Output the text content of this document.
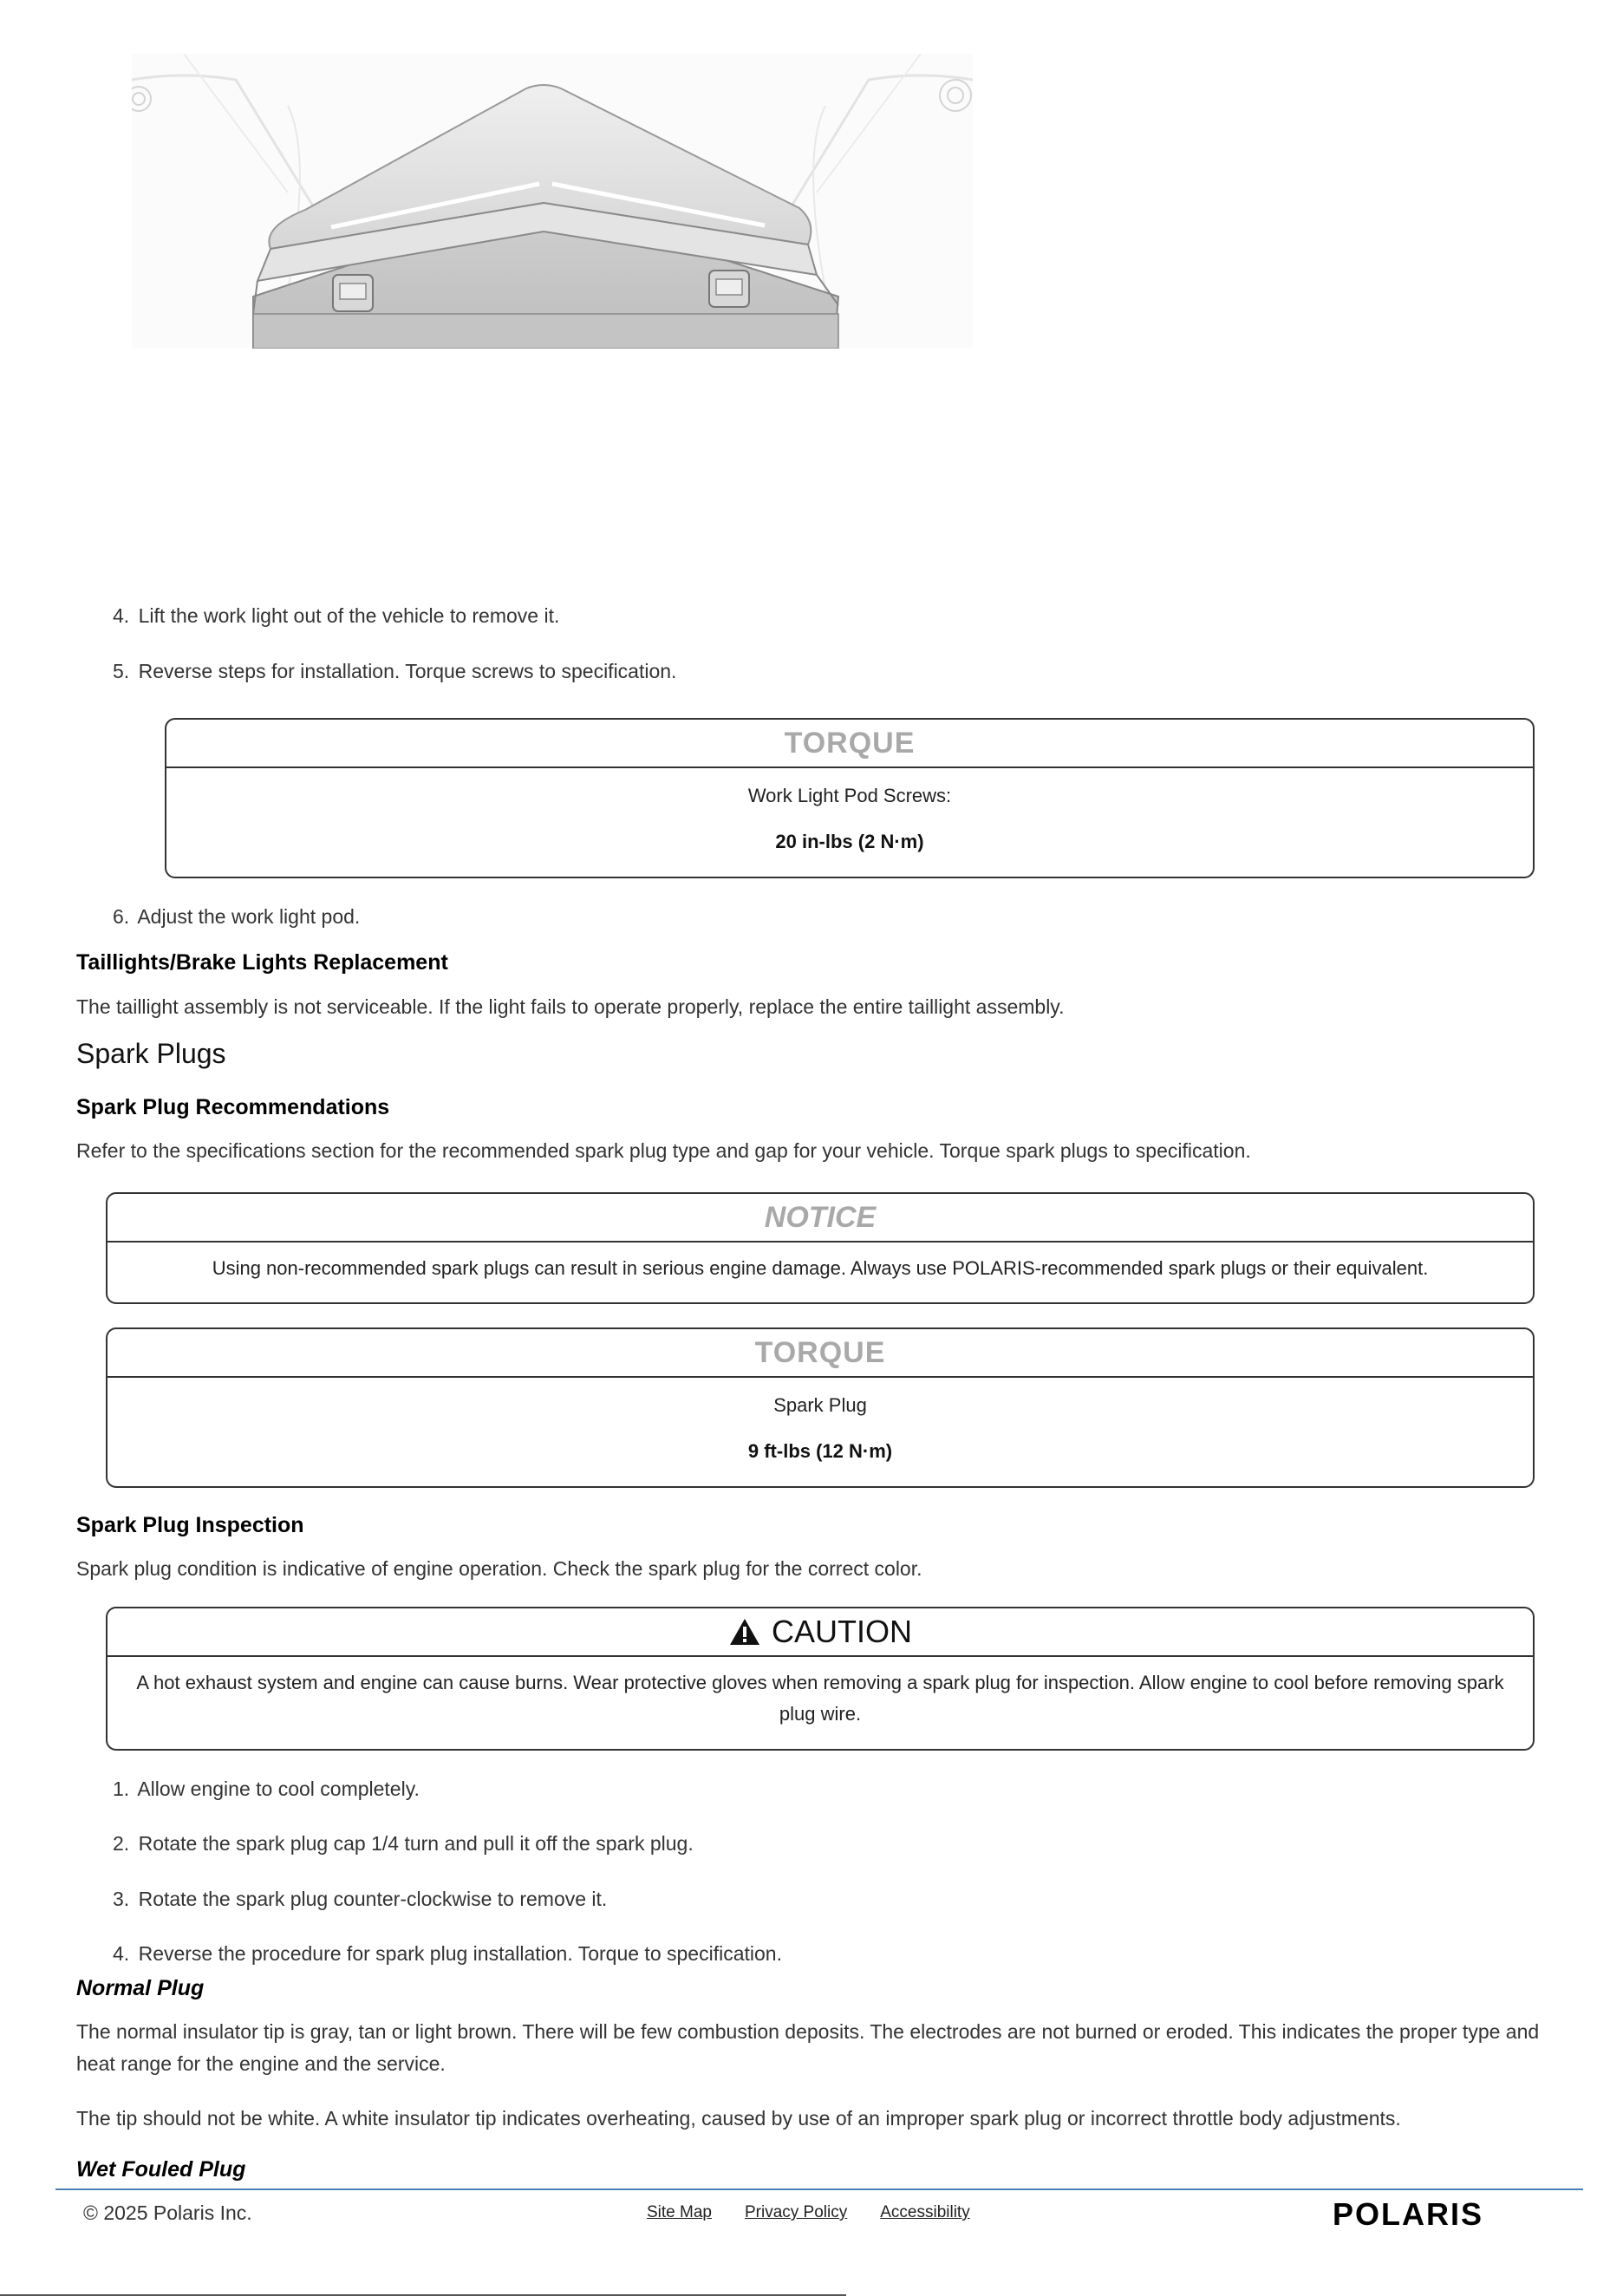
4. Lift the work light out of the vehicle to remove it.
5. Reverse steps for installation. Torque screws to specification.
TORQUE
Work Light Pod Screws:
20 in-lbs (2 N·m)
6. Adjust the work light pod.
Taillights/Brake Lights Replacement
The taillight assembly is not serviceable. If the light fails to operate properly, replace the entire taillight assembly.
Spark Plugs
Spark Plug Recommendations
Refer to the specifications section for the recommended spark plug type and gap for your vehicle. Torque spark plugs to specification.
NOTICE
Using non-recommended spark plugs can result in serious engine damage. Always use POLARIS-recommended spark plugs or their equivalent.
TORQUE
Spark Plug
9 ft-lbs (12 N·m)
Spark Plug Inspection
Spark plug condition is indicative of engine operation. Check the spark plug for the correct color.
CAUTION
A hot exhaust system and engine can cause burns. Wear protective gloves when removing a spark plug for inspection. Allow engine to cool before removing spark plug wire.
1. Allow engine to cool completely.
2. Rotate the spark plug cap 1/4 turn and pull it off the spark plug.
3. Rotate the spark plug counter-clockwise to remove it.
4. Reverse the procedure for spark plug installation. Torque to specification.
Normal Plug
The normal insulator tip is gray, tan or light brown. There will be few combustion deposits. The electrodes are not burned or eroded. This indicates the proper type and heat range for the engine and the service.
The tip should not be white. A white insulator tip indicates overheating, caused by use of an improper spark plug or incorrect throttle body adjustments.
Wet Fouled Plug
© 2025 Polaris Inc.	Site Map Privacy Policy Accessibility	POLARIS
